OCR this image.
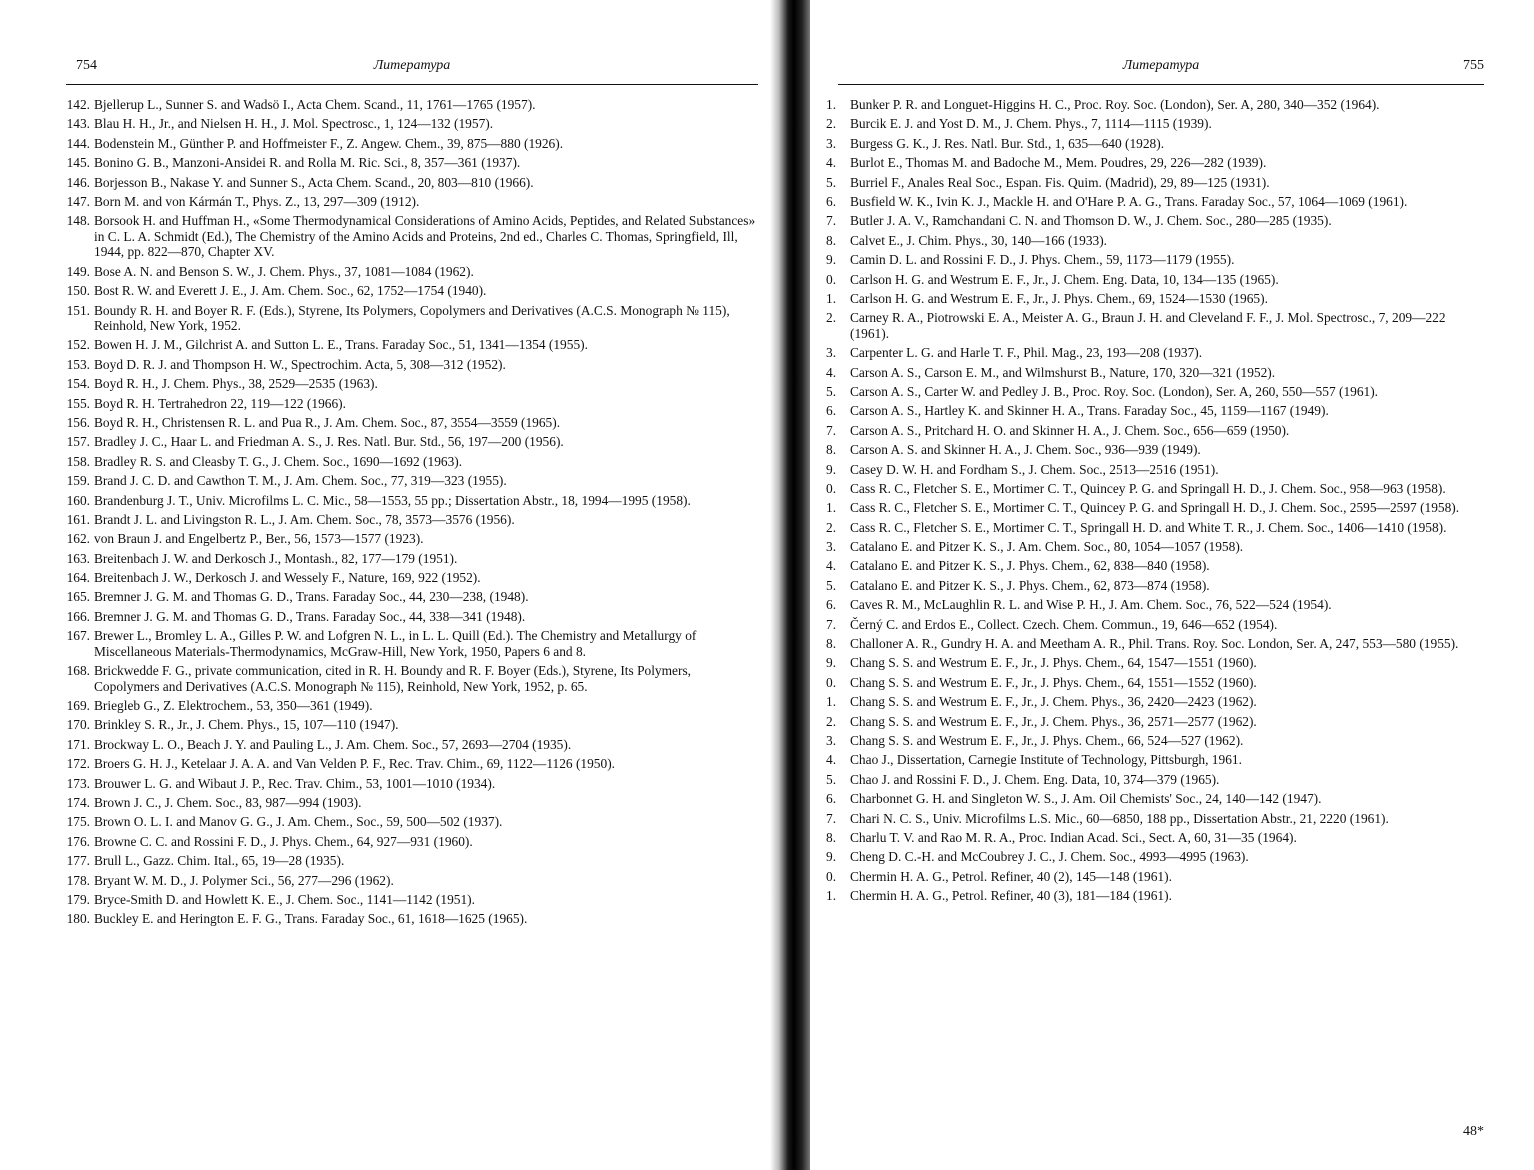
754	Литература
142. Bjellerup L., Sunner S. and Wadsö I., Acta Chem. Scand., 11, 1761—1765 (1957).
143. Blau H. H., Jr., and Nielsen H. H., J. Mol. Spectrosc., 1, 124—132 (1957).
144. Bodenstein M., Günther P. and Hoffmeister F., Z. Angew. Chem., 39, 875—880 (1926).
145. Bonino G. B., Manzoni-Ansidei R. and Rolla M. Ric. Sci., 8, 357—361 (1937).
146. Borjesson B., Nakase Y. and Sunner S., Acta Chem. Scand., 20, 803—810 (1966).
147. Born M. and von Kármán T., Phys. Z., 13, 297—309 (1912).
148. Borsook H. and Huffman H., «Some Thermodynamical Considerations of Amino Acids, Peptides, and Related Substances» in C. L. A. Schmidt (Ed.), The Chemistry of the Amino Acids and Proteins, 2nd ed., Charles C. Thomas, Springfield, Ill, 1944, pp. 822—870, Chapter XV.
149. Bose A. N. and Benson S. W., J. Chem. Phys., 37, 1081—1084 (1962).
150. Bost R. W. and Everett J. E., J. Am. Chem. Soc., 62, 1752—1754 (1940).
151. Boundy R. H. and Boyer R. F. (Eds.), Styrene, Its Polymers, Copolymers and Derivatives (A.C.S. Monograph № 115), Reinhold, New York, 1952.
152. Bowen H. J. M., Gilchrist A. and Sutton L. E., Trans. Faraday Soc., 51, 1341—1354 (1955).
153. Boyd D. R. J. and Thompson H. W., Spectrochim. Acta, 5, 308—312 (1952).
154. Boyd R. H., J. Chem. Phys., 38, 2529—2535 (1963).
155. Boyd R. H. Tertrahedron 22, 119—122 (1966).
156. Boyd R. H., Christensen R. L. and Pua R., J. Am. Chem. Soc., 87, 3554—3559 (1965).
157. Bradley J. C., Haar L. and Friedman A. S., J. Res. Natl. Bur. Std., 56, 197—200 (1956).
158. Bradley R. S. and Cleasby T. G., J. Chem. Soc., 1690—1692 (1963).
159. Brand J. C. D. and Cawthon T. M., J. Am. Chem. Soc., 77, 319—323 (1955).
160. Brandenburg J. T., Univ. Microfilms L. C. Mic., 58—1553, 55 pp.; Dissertation Abstr., 18, 1994—1995 (1958).
161. Brandt J. L. and Livingston R. L., J. Am. Chem. Soc., 78, 3573—3576 (1956).
162. von Braun J. and Engelbertz P., Ber., 56, 1573—1577 (1923).
163. Breitenbach J. W. and Derkosch J., Montash., 82, 177—179 (1951).
164. Breitenbach J. W., Derkosch J. and Wessely F., Nature, 169, 922 (1952).
165. Bremner J. G. M. and Thomas G. D., Trans. Faraday Soc., 44, 230—238, (1948).
166. Bremner J. G. M. and Thomas G. D., Trans. Faraday Soc., 44, 338—341 (1948).
167. Brewer L., Bromley L. A., Gilles P. W. and Lofgren N. L., in L. L. Quill (Ed.). The Chemistry and Metallurgy of Miscellaneous Materials-Thermodynamics, McGraw-Hill, New York, 1950, Papers 6 and 8.
168. Brickwedde F. G., private communication, cited in R. H. Boundy and R. F. Boyer (Eds.), Styrene, Its Polymers, Copolymers and Derivatives (A.C.S. Monograph № 115), Reinhold, New York, 1952, p. 65.
169. Briegleb G., Z. Elektrochem., 53, 350—361 (1949).
170. Brinkley S. R., Jr., J. Chem. Phys., 15, 107—110 (1947).
171. Brockway L. O., Beach J. Y. and Pauling L., J. Am. Chem. Soc., 57, 2693—2704 (1935).
172. Broers G. H. J., Ketelaar J. A. A. and Van Velden P. F., Rec. Trav. Chim., 69, 1122—1126 (1950).
173. Brouwer L. G. and Wibaut J. P., Rec. Trav. Chim., 53, 1001—1010 (1934).
174. Brown J. C., J. Chem. Soc., 83, 987—994 (1903).
175. Brown O. L. I. and Manov G. G., J. Am. Chem., Soc., 59, 500—502 (1937).
176. Browne C. C. and Rossini F. D., J. Phys. Chem., 64, 927—931 (1960).
177. Brull L., Gazz. Chim. Ital., 65, 19—28 (1935).
178. Bryant W. M. D., J. Polymer Sci., 56, 277—296 (1962).
179. Bryce-Smith D. and Howlett K. E., J. Chem. Soc., 1141—1142 (1951).
180. Buckley E. and Herington E. F. G., Trans. Faraday Soc., 61, 1618—1625 (1965).
Литература	755
1. Bunker P. R. and Longuet-Higgins H. C., Proc. Roy. Soc. (London), Ser. A, 280, 340—352 (1964).
2. Burcik E. J. and Yost D. M., J. Chem. Phys., 7, 1114—1115 (1939).
3. Burgess G. K., J. Res. Natl. Bur. Std., 1, 635—640 (1928).
4. Burlot E., Thomas M. and Badoche M., Mem. Poudres, 29, 226—282 (1939).
5. Burriel F., Anales Real Soc., Espan. Fis. Quim. (Madrid), 29, 89—125 (1931).
6. Busfield W. K., Ivin K. J., Mackle H. and O'Hare P. A. G., Trans. Faraday Soc., 57, 1064—1069 (1961).
7. Butler J. A. V., Ramchandani C. N. and Thomson D. W., J. Chem. Soc., 280—285 (1935).
8. Calvet E., J. Chim. Phys., 30, 140—166 (1933).
9. Camin D. L. and Rossini F. D., J. Phys. Chem., 59, 1173—1179 (1955).
0. Carlson H. G. and Westrum E. F., Jr., J. Chem. Eng. Data, 10, 134—135 (1965).
1. Carlson H. G. and Westrum E. F., Jr., J. Phys. Chem., 69, 1524—1530 (1965).
2. Carney R. A., Piotrowski E. A., Meister A. G., Braun J. H. and Cleveland F. F., J. Mol. Spectrosc., 7, 209—222 (1961).
3. Carpenter L. G. and Harle T. F., Phil. Mag., 23, 193—208 (1937).
4. Carson A. S., Carson E. M., and Wilmshurst B., Nature, 170, 320—321 (1952).
5. Carson A. S., Carter W. and Pedley J. B., Proc. Roy. Soc. (London), Ser. A, 260, 550—557 (1961).
6. Carson A. S., Hartley K. and Skinner H. A., Trans. Faraday Soc., 45, 1159—1167 (1949).
7. Carson A. S., Pritchard H. O. and Skinner H. A., J. Chem. Soc., 656—659 (1950).
8. Carson A. S. and Skinner H. A., J. Chem. Soc., 936—939 (1949).
9. Casey D. W. H. and Fordham S., J. Chem. Soc., 2513—2516 (1951).
0. Cass R. C., Fletcher S. E., Mortimer C. T., Quincey P. G. and Springall H. D., J. Chem. Soc., 958—963 (1958).
1. Cass R. C., Fletcher S. E., Mortimer C. T., Quincey P. G. and Springall H. D., J. Chem. Soc., 2595—2597 (1958).
2. Cass R. C., Fletcher S. E., Mortimer C. T., Springall H. D. and White T. R., J. Chem. Soc., 1406—1410 (1958).
3. Catalano E. and Pitzer K. S., J. Am. Chem. Soc., 80, 1054—1057 (1958).
4. Catalano E. and Pitzer K. S., J. Phys. Chem., 62, 838—840 (1958).
5. Catalano E. and Pitzer K. S., J. Phys. Chem., 62, 873—874 (1958).
6. Caves R. M., McLaughlin R. L. and Wise P. H., J. Am. Chem. Soc., 76, 522—524 (1954).
7. Černý C. and Erdos E., Collect. Czech. Chem. Commun., 19, 646—652 (1954).
8. Challoner A. R., Gundry H. A. and Meetham A. R., Phil. Trans. Roy. Soc. London, Ser. A, 247, 553—580 (1955).
9. Chang S. S. and Westrum E. F., Jr., J. Phys. Chem., 64, 1547—1551 (1960).
0. Chang S. S. and Westrum E. F., Jr., J. Phys. Chem., 64, 1551—1552 (1960).
1. Chang S. S. and Westrum E. F., Jr., J. Chem. Phys., 36, 2420—2423 (1962).
2. Chang S. S. and Westrum E. F., Jr., J. Chem. Phys., 36, 2571—2577 (1962).
3. Chang S. S. and Westrum E. F., Jr., J. Phys. Chem., 66, 524—527 (1962).
4. Chao J., Dissertation, Carnegie Institute of Technology, Pittsburgh, 1961.
5. Chao J. and Rossini F. D., J. Chem. Eng. Data, 10, 374—379 (1965).
6. Charbonnet G. H. and Singleton W. S., J. Am. Oil Chemists' Soc., 24, 140—142 (1947).
7. Chari N. C. S., Univ. Microfilms L.S. Mic., 60—6850, 188 pp., Dissertation Abstr., 21, 2220 (1961).
8. Charlu T. V. and Rao M. R. A., Proc. Indian Acad. Sci., Sect. A, 60, 31—35 (1964).
9. Cheng D. C.-H. and McCoubrey J. C., J. Chem. Soc., 4993—4995 (1963).
0. Chermin H. A. G., Petrol. Refiner, 40 (2), 145—148 (1961).
1. Chermin H. A. G., Petrol. Refiner, 40 (3), 181—184 (1961).
48*
